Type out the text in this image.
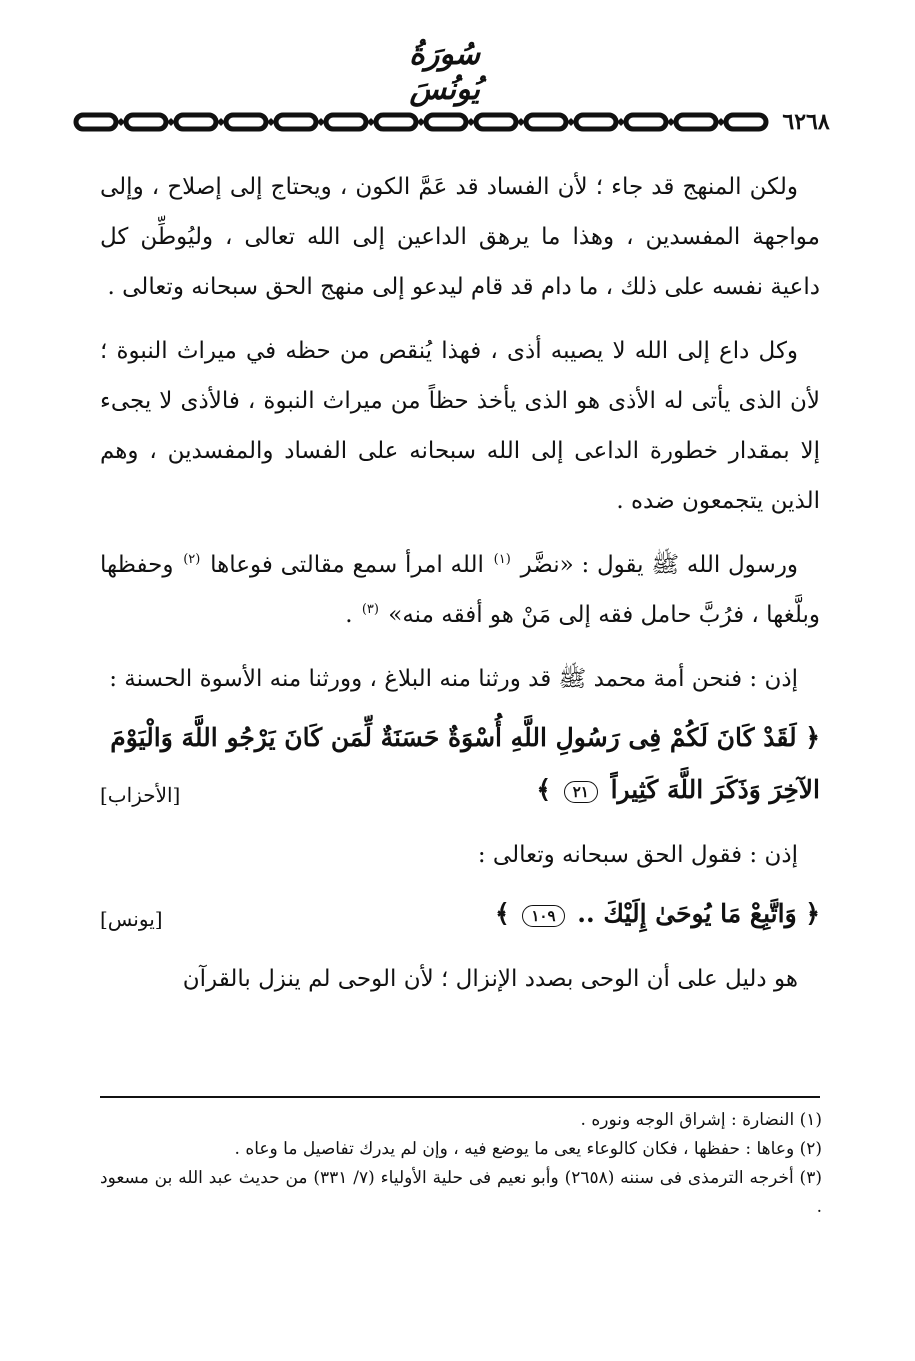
سُورَةُ يُونُسَ
٦٢٦٨

ولكن المنهج قد جاء ؛ لأن الفساد قد عَمَّ الكون ، ويحتاج إلى إصلاح ، وإلى مواجهة المفسدين ، وهذا ما يرهق الداعين إلى الله تعالى ، وليُوطِّن كل داعية نفسه على ذلك ، ما دام قد قام ليدعو إلى منهج الحق سبحانه وتعالى .

وكل داع إلى الله لا يصيبه أذى ، فهذا يُنقص من حظه في ميراث النبوة ؛ لأن الذى يأتى له الأذى هو الذى يأخذ حظاً من ميراث النبوة ، فالأذى لا يجىء إلا بمقدار خطورة الداعى إلى الله سبحانه على الفساد والمفسدين ، وهم الذين يتجمعون ضده .

ورسول الله ﷺ يقول : «نضَّر $^{(١)}$ الله امرأ سمع مقالتى فوعاها $^{(٢)}$ وحفظها وبلَّغها ، فرُبَّ حامل فقه إلى مَنْ هو أفقه منه» $^{(٣)}$ .

إذن : فنحن أمة محمد ﷺ قد ورثنا منه البلاغ ، وورثنا منه الأسوة الحسنة :

﴿ لَقَدْ كَانَ لَكُمْ فِى رَسُولِ اللَّهِ أُسْوَةٌ حَسَنَةٌ لِّمَن كَانَ يَرْجُو اللَّهَ وَالْيَوْمَ
الآخِرَ وَذَكَرَ اللَّهَ كَثِيراً ٢١ ﴾
[الأحزاب]

إذن : فقول الحق سبحانه وتعالى :

﴿ وَاتَّبِعْ مَا يُوحَىٰ إِلَيْكَ .. ١٠٩ ﴾
[يونس]

هو دليل على أن الوحى بصدد الإنزال ؛ لأن الوحى لم ينزل بالقرآن

(١) النضارة : إشراق الوجه ونوره .

(٢) وعاها : حفظها ، فكان كالوعاء يعى ما يوضع فيه ، وإن لم يدرك تفاصيل ما وعاه .

(٣) أخرجه الترمذى فى سننه (٢٦٥٨) وأبو نعيم فى حلية الأولياء (٧/ ٣٣١) من حديث عبد الله بن مسعود .
